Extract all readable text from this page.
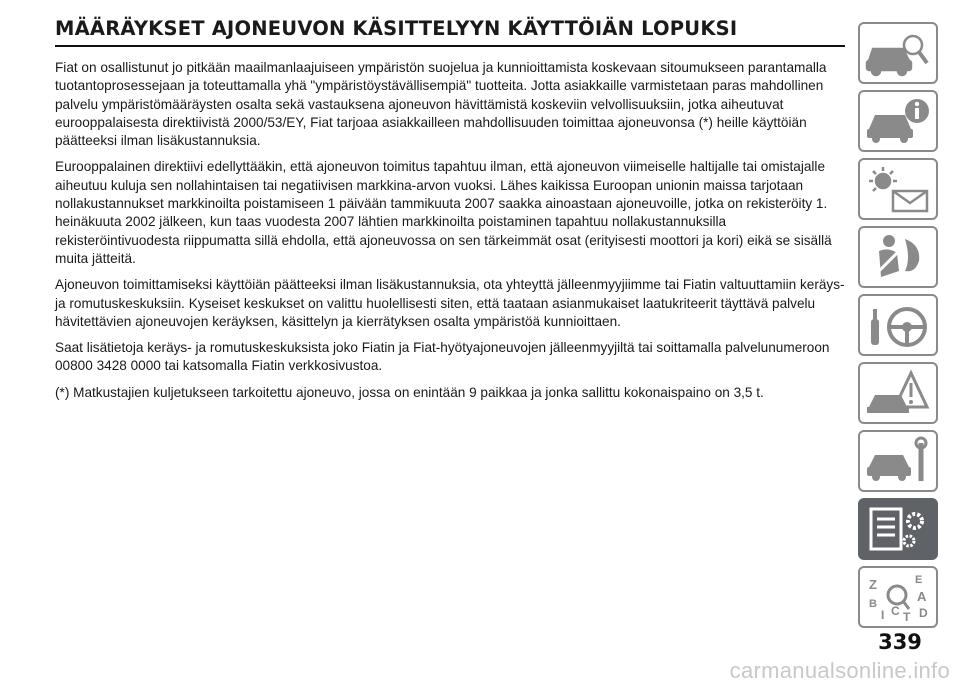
MÄÄRÄYKSET AJONEUVON KÄSITTELYYN KÄYTTÖIÄN LOPUKSI

Fiat on osallistunut jo pitkään maailmanlaajuiseen ympäristön suojelua ja kunnioittamista koskevaan sitoumukseen parantamalla tuotantoprosessejaan ja toteuttamalla yhä "ympäristöystävällisempiä" tuotteita. Jotta asiakkaille varmistetaan paras mahdollinen palvelu ympäristömääräysten osalta sekä vastauksena ajoneuvon hävittämistä koskeviin velvollisuuksiin, jotka aiheutuvat eurooppalaisesta direktiivistä 2000/53/EY, Fiat tarjoaa asiakkailleen mahdollisuuden toimittaa ajoneuvonsa (*) heille käyttöiän päätteeksi ilman lisäkustannuksia.

Eurooppalainen direktiivi edellyttääkin, että ajoneuvon toimitus tapahtuu ilman, että ajoneuvon viimeiselle haltijalle tai omistajalle aiheutuu kuluja sen nollahintaisen tai negatiivisen markkina-arvon vuoksi. Lähes kaikissa Euroopan unionin maissa tarjotaan nollakustannukset markkinoilta poistamiseen 1 päivään tammikuuta 2007 saakka ainoastaan ajoneuvoille, jotka on rekisteröity 1. heinäkuuta 2002 jälkeen, kun taas vuodesta 2007 lähtien markkinoilta poistaminen tapahtuu nollakustannuksilla rekisteröintivuodesta riippumatta sillä ehdolla, että ajoneuvossa on sen tärkeimmät osat (erityisesti moottori ja kori) eikä se sisällä muita jätteitä.

Ajoneuvon toimittamiseksi käyttöiän päätteeksi ilman lisäkustannuksia, ota yhteyttä jälleenmyyjiimme tai Fiatin valtuuttamiin keräys- ja romutuskeskuksiin. Kyseiset keskukset on valittu huolellisesti siten, että taataan asianmukaiset laatukriteerit täyttävä palvelu hävitettävien ajoneuvojen keräyksen, käsittelyn ja kierrätyksen osalta ympäristöä kunnioittaen.

Saat lisätietoja keräys- ja romutuskeskuksista joko Fiatin ja Fiat-hyötyajoneuvojen jälleenmyyjiltä tai soittamalla palvelunumeroon 00800 3428 0000 tai katsomalla Fiatin verkkosivustoa.

(*) Matkustajien kuljetukseen tarkoitettu ajoneuvo, jossa on enintään 9 paikkaa ja jonka sallittu kokonaispaino on 3,5 t.

Z	E
B	A
I C T D
339
carmanualsonline.info
